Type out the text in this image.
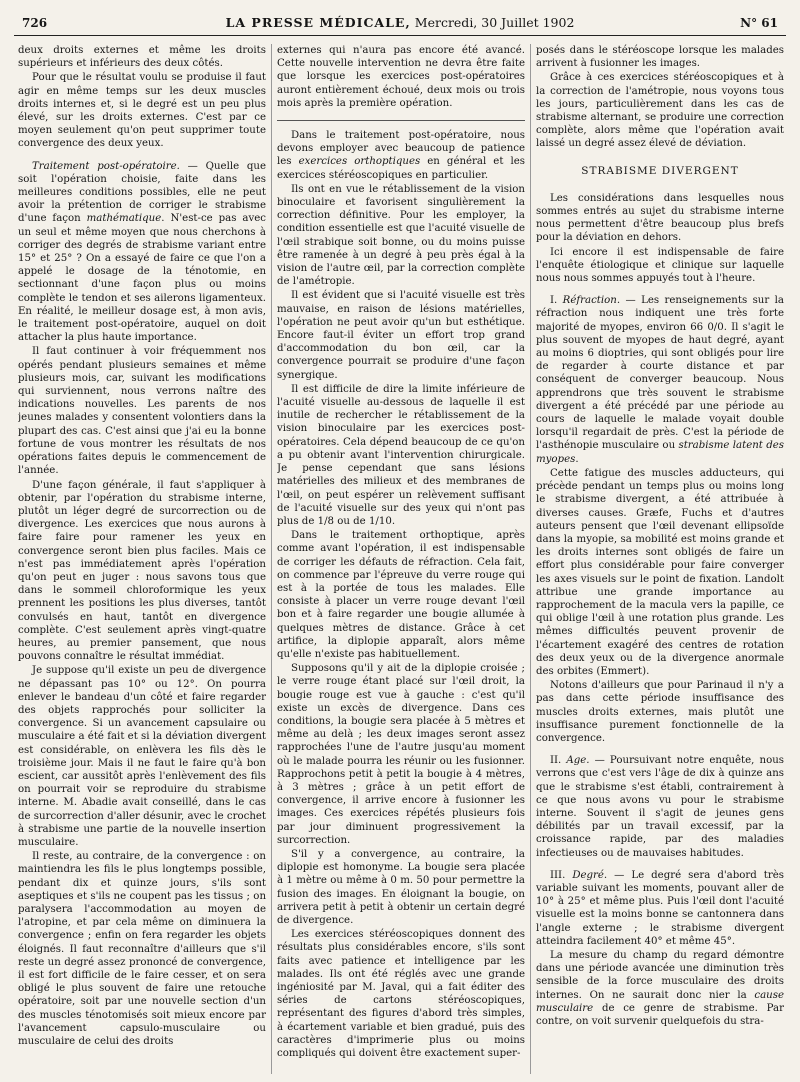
726	LA PRESSE MÉDICALE, Mercredi, 30 Juillet 1902	N° 61

deux droits externes et même les droits supérieurs et inférieurs des deux côtés.

Pour que le résultat voulu se produise il faut agir en même temps sur les deux muscles droits internes et, si le degré est un peu plus élevé, sur les droits externes. C'est par ce moyen seulement qu'on peut supprimer toute convergence des deux yeux.

Traitement post-opératoire. — Quelle que soit l'opération choisie, faite dans les meilleures conditions possibles, elle ne peut avoir la prétention de corriger le strabisme d'une façon mathématique. N'est-ce pas avec un seul et même moyen que nous cherchons à corriger des degrés de strabisme variant entre 15° et 25° ? On a essayé de faire ce que l'on a appelé le dosage de la ténotomie, en sectionnant d'une façon plus ou moins complète le tendon et ses ailerons ligamenteux. En réalité, le meilleur dosage est, à mon avis, le traitement post-opératoire, auquel on doit attacher la plus haute importance.

Il faut continuer à voir fréquemment nos opérés pendant plusieurs semaines et même plusieurs mois, car, suivant les modifications qui surviennent, nous verrons naître des indications nouvelles. Les parents de nos jeunes malades y consentent volontiers dans la plupart des cas. C'est ainsi que j'ai eu la bonne fortune de vous montrer les résultats de nos opérations faites depuis le commencement de l'année.

D'une façon générale, il faut s'appliquer à obtenir, par l'opération du strabisme interne, plutôt un léger degré de surcorrection ou de divergence. Les exercices que nous aurons à faire faire pour ramener les yeux en convergence seront bien plus faciles. Mais ce n'est pas immédiatement après l'opération qu'on peut en juger : nous savons tous que dans le sommeil chloroformique les yeux prennent les positions les plus diverses, tantôt convulsés en haut, tantôt en divergence complète. C'est seulement après vingt-quatre heures, au premier pansement, que nous pouvons connaître le résultat immédiat.

Je suppose qu'il existe un peu de divergence ne dépassant pas 10° ou 12°. On pourra enlever le bandeau d'un côté et faire regarder des objets rapprochés pour solliciter la convergence. Si un avancement capsulaire ou musculaire a été fait et si la déviation divergent est considérable, on enlèvera les fils dès le troisième jour. Mais il ne faut le faire qu'à bon escient, car aussitôt après l'enlèvement des fils on pourrait voir se reproduire du strabisme interne. M. Abadie avait conseillé, dans le cas de surcorrection d'aller désunir, avec le crochet à strabisme une partie de la nouvelle insertion musculaire.

Il reste, au contraire, de la convergence : on maintiendra les fils le plus longtemps possible, pendant dix et quinze jours, s'ils sont aseptiques et s'ils ne coupent pas les tissus ; on paralysera l'accommodation au moyen de l'atropine, et par cela même on diminuera la convergence ; enfin on fera regarder les objets éloignés. Il faut reconnaître d'ailleurs que s'il reste un degré assez prononcé de convergence, il est fort difficile de le faire cesser, et on sera obligé le plus souvent de faire une retouche opératoire, soit par une nouvelle section d'un des muscles ténotomisés soit mieux encore par l'avancement capsulo-musculaire ou musculaire de celui des droits

externes qui n'aura pas encore été avancé. Cette nouvelle intervention ne devra être faite que lorsque les exercices post-opératoires auront entièrement échoué, deux mois ou trois mois après la première opération.

Dans le traitement post-opératoire, nous devons employer avec beaucoup de patience les exercices orthoptiques en général et les exercices stéréoscopiques en particulier.

Ils ont en vue le rétablissement de la vision binoculaire et favorisent singulièrement la correction définitive. Pour les employer, la condition essentielle est que l'acuité visuelle de l'œil strabique soit bonne, ou du moins puisse être ramenée à un degré à peu près égal à la vision de l'autre œil, par la correction complète de l'amétropie.

Il est évident que si l'acuité visuelle est très mauvaise, en raison de lésions matérielles, l'opération ne peut avoir qu'un but esthétique. Encore faut-il éviter un effort trop grand d'accommodation du bon œil, car la convergence pourrait se produire d'une façon synergique.

Il est difficile de dire la limite inférieure de l'acuité visuelle au-dessous de laquelle il est inutile de rechercher le rétablissement de la vision binoculaire par les exercices post-opératoires. Cela dépend beaucoup de ce qu'on a pu obtenir avant l'intervention chirurgicale. Je pense cependant que sans lésions matérielles des milieux et des membranes de l'œil, on peut espérer un relèvement suffisant de l'acuité visuelle sur des yeux qui n'ont pas plus de 1/8 ou de 1/10.

Dans le traitement orthoptique, après comme avant l'opération, il est indispensable de corriger les défauts de réfraction. Cela fait, on commence par l'épreuve du verre rouge qui est à la portée de tous les malades. Elle consiste à placer un verre rouge devant l'œil bon et à faire regarder une bougie allumée à quelques mètres de distance. Grâce à cet artifice, la diplopie apparaît, alors même qu'elle n'existe pas habituellement.

Supposons qu'il y ait de la diplopie croisée ; le verre rouge étant placé sur l'œil droit, la bougie rouge est vue à gauche : c'est qu'il existe un excès de divergence. Dans ces conditions, la bougie sera placée à 5 mètres et même au delà ; les deux images seront assez rapprochées l'une de l'autre jusqu'au moment où le malade pourra les réunir ou les fusionner. Rapprochons petit à petit la bougie à 4 mètres, à 3 mètres ; grâce à un petit effort de convergence, il arrive encore à fusionner les images. Ces exercices répétés plusieurs fois par jour diminuent progressivement la surcorrection.

S'il y a convergence, au contraire, la diplopie est homonyme. La bougie sera placée à 1 mètre ou même à 0 m. 50 pour permettre la fusion des images. En éloignant la bougie, on arrivera petit à petit à obtenir un certain degré de divergence.

Les exercices stéréoscopiques donnent des résultats plus considérables encore, s'ils sont faits avec patience et intelligence par les malades. Ils ont été réglés avec une grande ingéniosité par M. Javal, qui a fait éditer des séries de cartons stéréoscopiques, représentant des figures d'abord très simples, à écartement variable et bien gradué, puis des caractères d'imprimerie plus ou moins compliqués qui doivent être exactement super-

posés dans le stéréoscope lorsque les malades arrivent à fusionner les images.

Grâce à ces exercices stéréoscopiques et à la correction de l'amétropie, nous voyons tous les jours, particulièrement dans les cas de strabisme alternant, se produire une correction complète, alors même que l'opération avait laissé un degré assez élevé de déviation.

STRABISME DIVERGENT

Les considérations dans lesquelles nous sommes entrés au sujet du strabisme interne nous permettent d'être beaucoup plus brefs pour la déviation en dehors.

Ici encore il est indispensable de faire l'enquête étiologique et clinique sur laquelle nous nous sommes appuyés tout à l'heure.

I. Réfraction. — Les renseignements sur la réfraction nous indiquent une très forte majorité de myopes, environ 66 0/0. Il s'agit le plus souvent de myopes de haut degré, ayant au moins 6 dioptries, qui sont obligés pour lire de regarder à courte distance et par conséquent de converger beaucoup. Nous apprendrons que très souvent le strabisme divergent a été précédé par une période au cours de laquelle le malade voyait double lorsqu'il regardait de près. C'est la période de l'asthénopie musculaire ou strabisme latent des myopes.

Cette fatigue des muscles adducteurs, qui précède pendant un temps plus ou moins long le strabisme divergent, a été attribuée à diverses causes. Græfe, Fuchs et d'autres auteurs pensent que l'œil devenant ellipsoïde dans la myopie, sa mobilité est moins grande et les droits internes sont obligés de faire un effort plus considérable pour faire converger les axes visuels sur le point de fixation. Landolt attribue une grande importance au rapprochement de la macula vers la papille, ce qui oblige l'œil à une rotation plus grande. Les mêmes difficultés peuvent provenir de l'écartement exagéré des centres de rotation des deux yeux ou de la divergence anormale des orbites (Emmert).

Notons d'ailleurs que pour Parinaud il n'y a pas dans cette période insuffisance des muscles droits externes, mais plutôt une insuffisance purement fonctionnelle de la convergence.

II. Age. — Poursuivant notre enquête, nous verrons que c'est vers l'âge de dix à quinze ans que le strabisme s'est établi, contrairement à ce que nous avons vu pour le strabisme interne. Souvent il s'agit de jeunes gens débilités par un travail excessif, par la croissance rapide, par des maladies infectieuses ou de mauvaises habitudes.

III. Degré. — Le degré sera d'abord très variable suivant les moments, pouvant aller de 10° à 25° et même plus. Puis l'œil dont l'acuité visuelle est la moins bonne se cantonnera dans l'angle externe ; le strabisme divergent atteindra facilement 40° et même 45°.

La mesure du champ du regard démontre dans une période avancée une diminution très sensible de la force musculaire des droits internes. On ne saurait donc nier la cause musculaire de ce genre de strabisme. Par contre, on voit survenir quelquefois du stra-
